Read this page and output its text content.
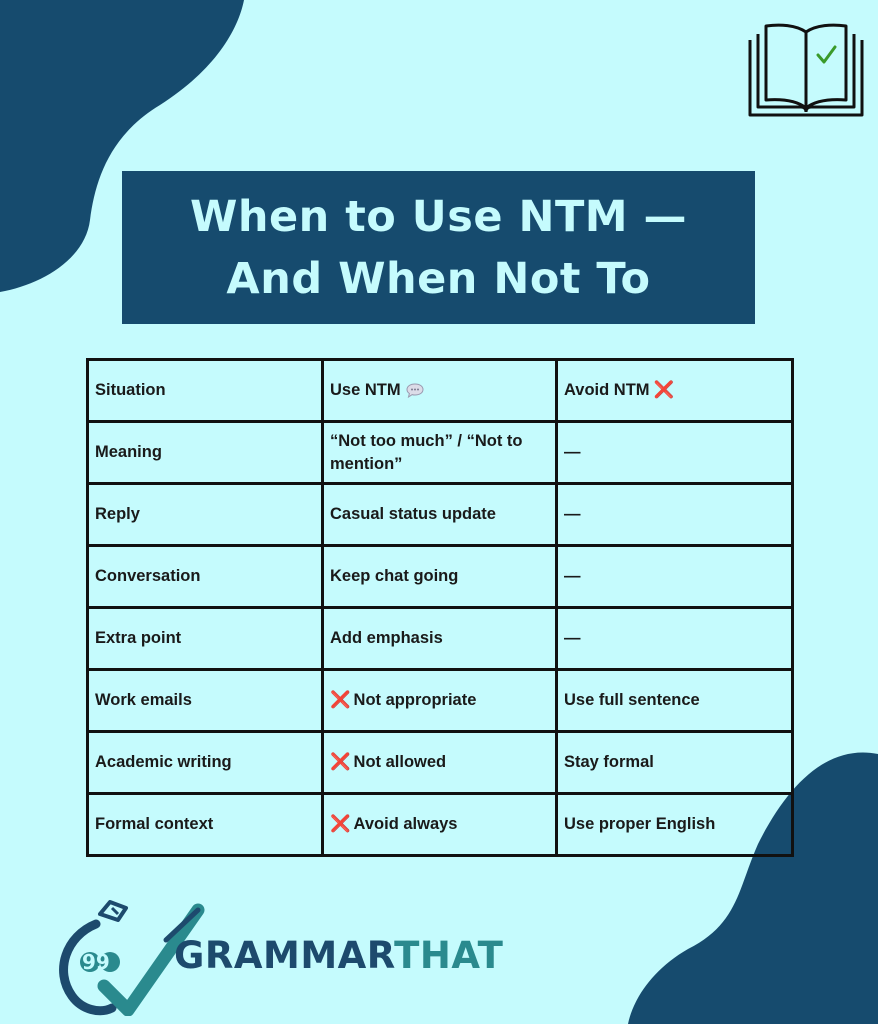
When to Use NTM — And When Not To
Situation	Use NTM	Avoid NTM ❌
Meaning	“Not too much” / “Not to mention”	—
Reply	Casual status update	—
Conversation	Keep chat going	—
Extra point	Add emphasis	—
Work emails	❌ Not appropriate	Use full sentence
Academic writing	❌ Not allowed	Stay formal
Formal context	❌ Avoid always	Use proper English
99 GRAMMARTHAT
